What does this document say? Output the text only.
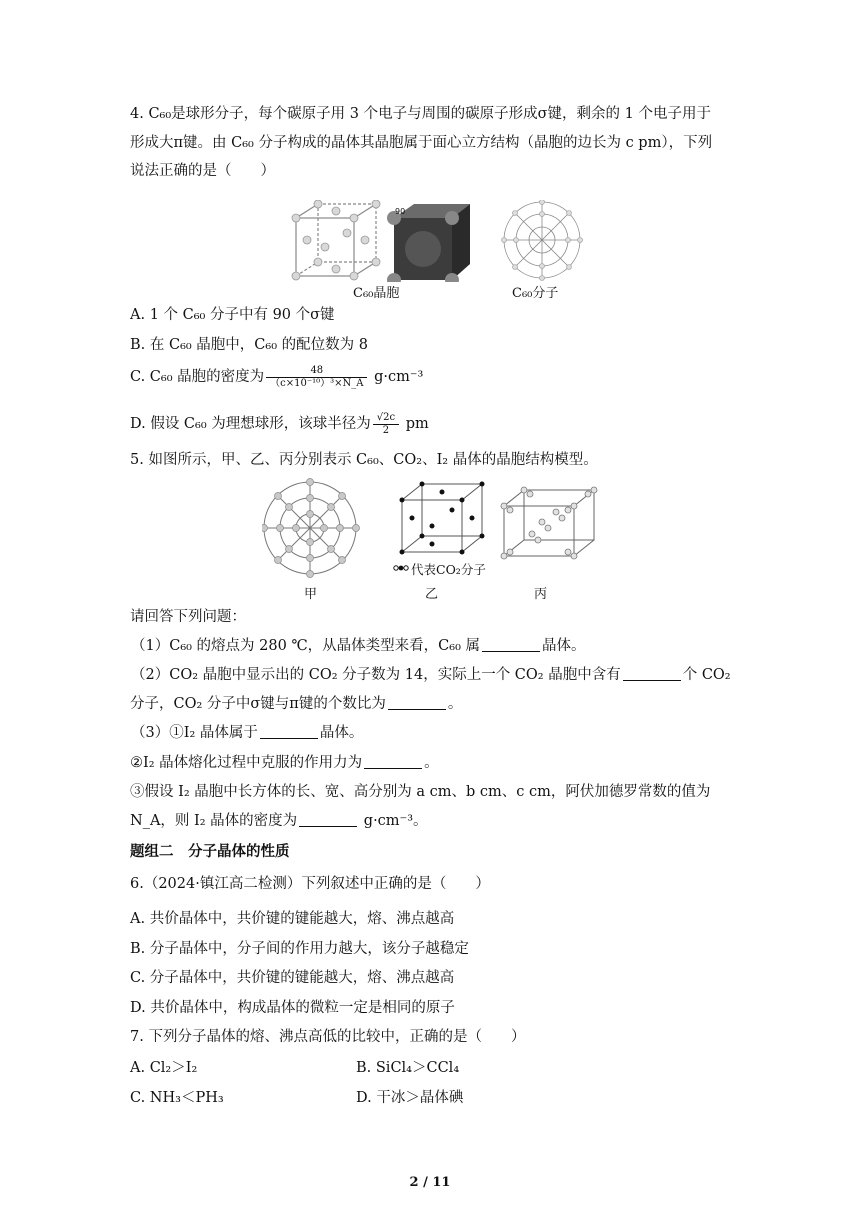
4. C₆₀是球形分子，每个碳原子用 3 个电子与周围的碳原子形成σ键，剩余的 1 个电子用于
形成大π键。由 C₆₀ 分子构成的晶体其晶胞属于面心立方结构（晶胞的边长为 c pm），下列
说法正确的是（　　）
90
C₆₀晶胞	C₆₀分子
A. 1 个 C₆₀ 分子中有 90 个σ键
B. 在 C₆₀ 晶胞中，C₆₀ 的配位数为 8
C. C₆₀ 晶胞的密度为 $\frac{48}{\text{（c×10⁻¹⁰）³×N\_A}} g\cdot cm^{-3}$
D. 假设 C₆₀ 为理想球形，该球半径为 $\frac{√2c}{2}$ pm
5. 如图所示，甲、乙、丙分别表示 C₆₀、CO₂、I₂ 晶体的晶胞结构模型。
代表CO₂分子
甲	乙	丙
请回答下列问题：
（1）C₆₀ 的熔点为 280 ℃，从晶体类型来看，C₆₀ 属	晶体。
（2）CO₂ 晶胞中显示出的 CO₂ 分子数为 14，实际上一个 CO₂ 晶胞中含有	个 CO₂
分子，CO₂ 分子中σ键与π键的个数比为	。
（3）①I₂ 晶体属于	晶体。
②I₂ 晶体熔化过程中克服的作用力为	。
③假设 I₂ 晶胞中长方体的长、宽、高分别为 a cm、b cm、c cm，阿伏加德罗常数的值为
N_A，则 I₂ 晶体的密度为	g·cm⁻³。
题组二　分子晶体的性质
6.（2024·镇江高二检测）下列叙述中正确的是（　　）
A. 共价晶体中，共价键的键能越大，熔、沸点越高
B. 分子晶体中，分子间的作用力越大，该分子越稳定
C. 分子晶体中，共价键的键能越大，熔、沸点越高
D. 共价晶体中，构成晶体的微粒一定是相同的原子
7. 下列分子晶体的熔、沸点高低的比较中，正确的是（　　）
A. Cl₂＞I₂	B. SiCl₄＞CCl₄
C. NH₃＜PH₃	D. 干冰＞晶体碘
2 / 11
